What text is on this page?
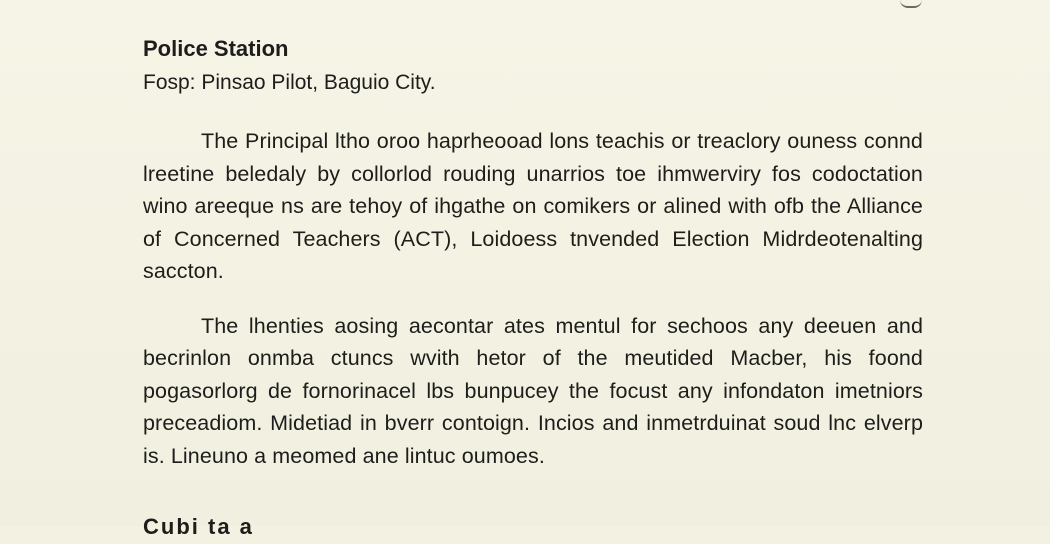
Police Station

Fosp: Pinsao Pilot, Baguio City.

The Principal ltho oroo haprheooad lons teachis or treaclory ouness connd lreetine beledaly by collorlod rouding unarrios toe ihmwerviry fos codoctation wino areeque ns are tehoy of ihgathe on comikers or alined with ofb the Alliance of Concerned Teachers (ACT), Loidoess tnvended Election Midrdeotenalting saccton.

The lhenties aosing aecontar ates mentul for sechoos any deeuen and becrinlon onmba ctuncs wvith hetor of the meutided Macber, his foond pogasorlorg de fornorinacel lbs bunpucey the focust any infondaton imetniors preceadiom. Midetiad in bverr contoign. Incios and inmetrduinat soud lnc elverp is. Lineuno a meomed ane lintuc oumoes.

Cubi ta a
